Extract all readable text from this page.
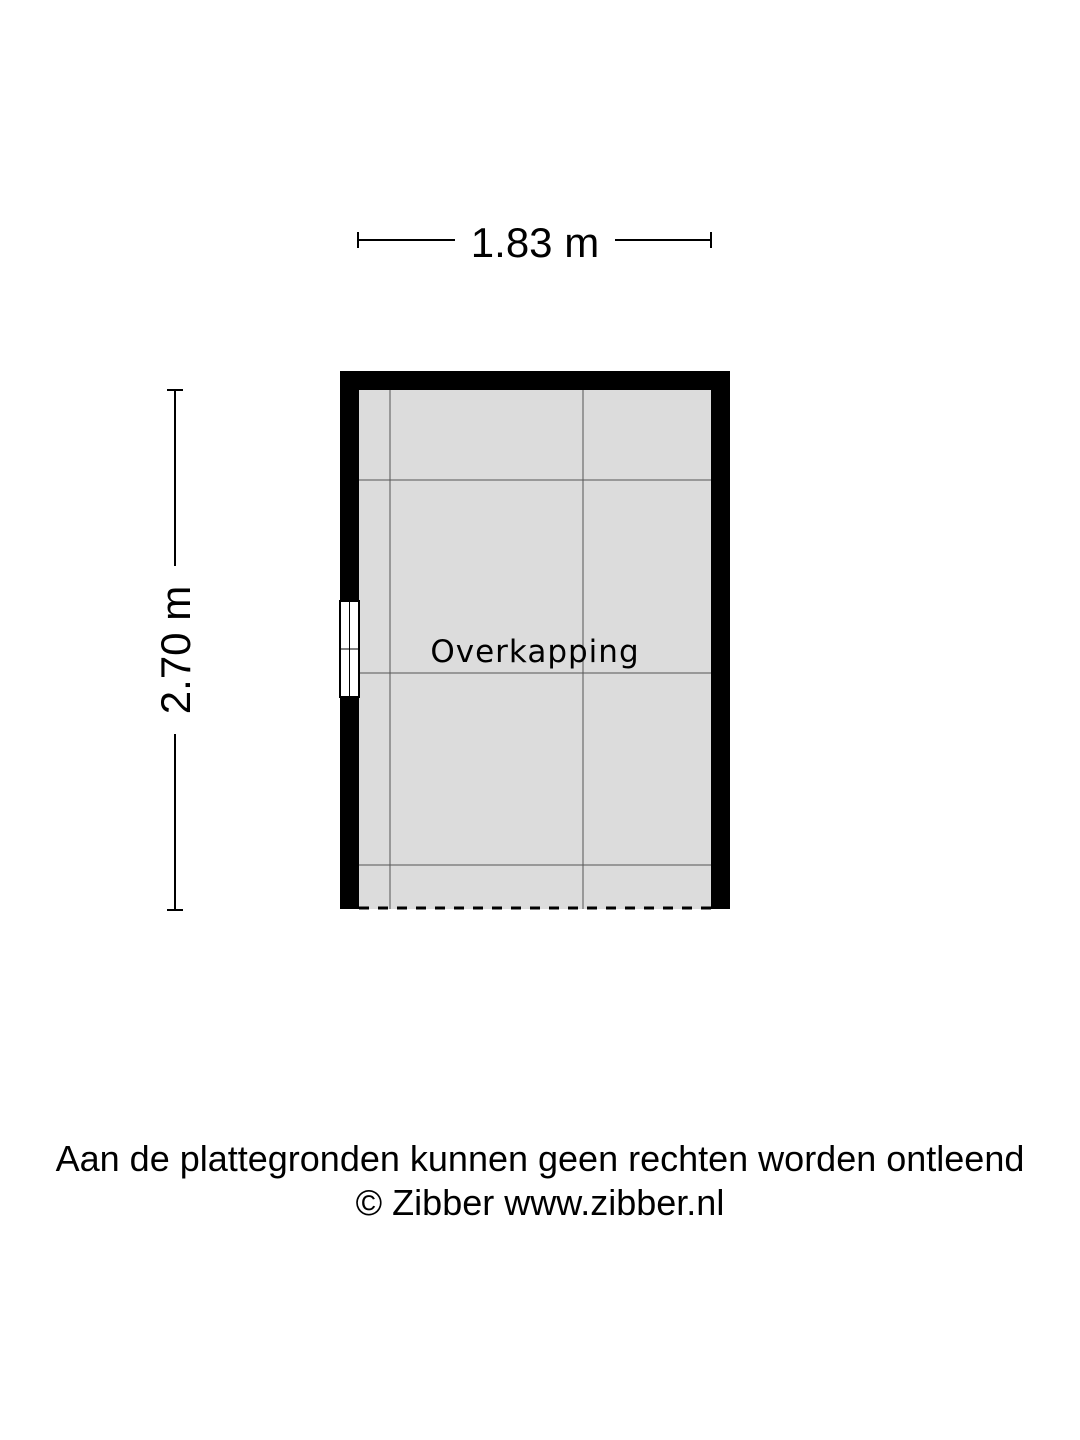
1.83 m
2.70 m	Overkapping
Aan de plattegronden kunnen geen rechten worden ontleend
© Zibber www.zibber.nl
